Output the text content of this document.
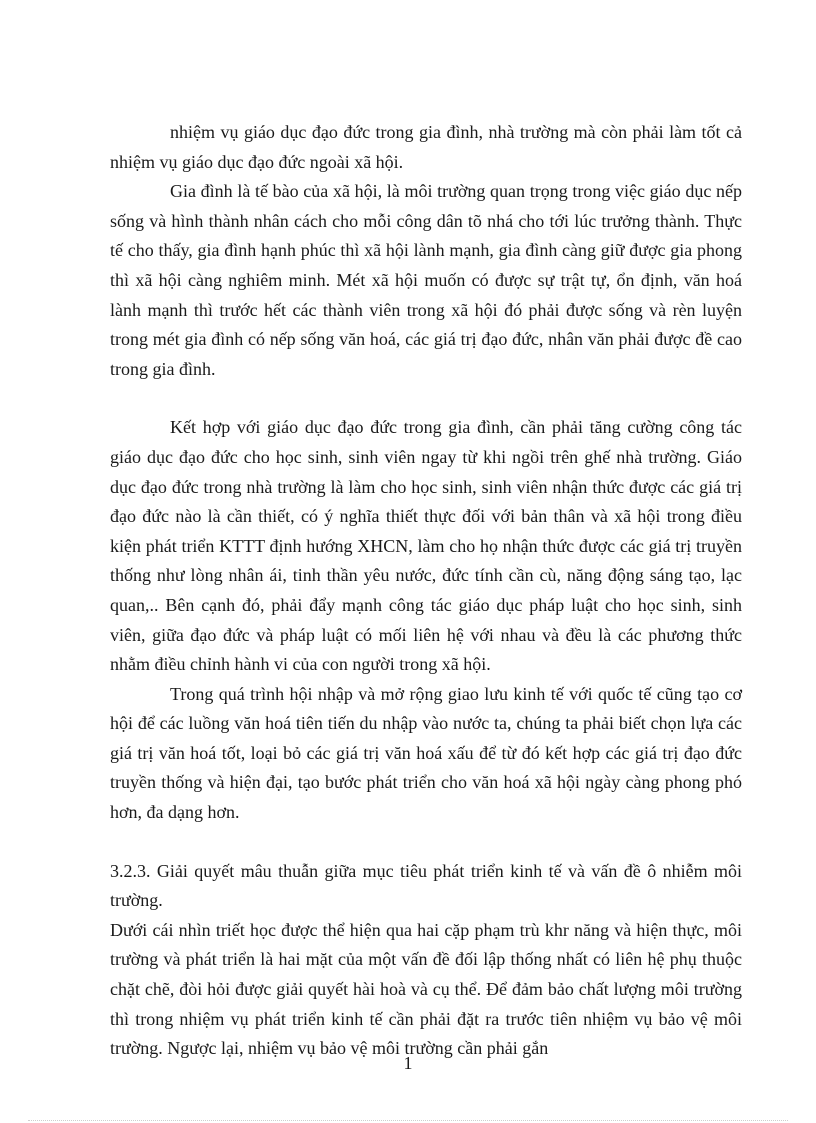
nhiệm vụ giáo dục đạo đức trong gia đình, nhà trường mà còn phải làm tốt cả nhiệm vụ giáo dục đạo đức ngoài xã hội.

Gia đình là tế bào của xã hội, là môi trường quan trọng trong việc giáo dục nếp sống và hình thành nhân cách cho mỗi công dân tõ nhá cho tới lúc trưởng thành. Thực tế cho thấy, gia đình hạnh phúc thì xã hội lành mạnh, gia đình càng giữ được gia phong thì xã hội càng nghiêm minh. Mét xã hội muốn có được sự trật tự, ổn định, văn hoá lành mạnh thì trước hết các thành viên trong xã hội đó phải được sống và rèn luyện trong mét gia đình có nếp sống văn hoá, các giá trị đạo đức, nhân văn phải được đề cao trong gia đình.

Kết hợp với giáo dục đạo đức trong gia đình, cần phải tăng cường công tác giáo dục đạo đức cho học sinh, sinh viên ngay từ khi ngồi trên ghế nhà trường. Giáo dục đạo đức trong nhà trường là làm cho học sinh, sinh viên nhận thức được các giá trị đạo đức nào là cần thiết, có ý nghĩa thiết thực đối với bản thân và xã hội trong điều kiện phát triển KTTT định hướng XHCN, làm cho họ nhận thức được các giá trị truyền thống như lòng nhân ái, tinh thần yêu nước, đức tính cần cù, năng động sáng tạo, lạc quan,.. Bên cạnh đó, phải đẩy mạnh công tác giáo dục pháp luật cho học sinh, sinh viên, giữa đạo đức và pháp luật có mối liên hệ với nhau và đều là các phương thức nhằm điều chỉnh hành vi của con người trong xã hội.

Trong quá trình hội nhập và mở rộng giao lưu kinh tế với quốc tế cũng tạo cơ hội để các luồng văn hoá tiên tiến du nhập vào nước ta, chúng ta phải biết chọn lựa các giá trị văn hoá tốt, loại bỏ các giá trị văn hoá xấu để từ đó kết hợp các giá trị đạo đức truyền thống và hiện đại, tạo bước phát triển cho văn hoá xã hội ngày càng phong phó hơn, đa dạng hơn.

3.2.3. Giải quyết mâu thuẫn giữa mục tiêu phát triển kinh tế và vấn đề ô nhiễm môi trường.

Dưới cái nhìn triết học được thể hiện qua hai cặp phạm trù khr năng và hiện thực, môi trường và phát triển là hai mặt của một vấn đề đối lập thống nhất có liên hệ phụ thuộc chặt chẽ, đòi hỏi được giải quyết hài hoà và cụ thể. Để đảm bảo chất lượng môi trường thì trong nhiệm vụ phát triển kinh tế cần phải đặt ra trước tiên nhiệm vụ bảo vệ môi trường. Ngược lại, nhiệm vụ bảo vệ môi trường cần phải gắn

1
